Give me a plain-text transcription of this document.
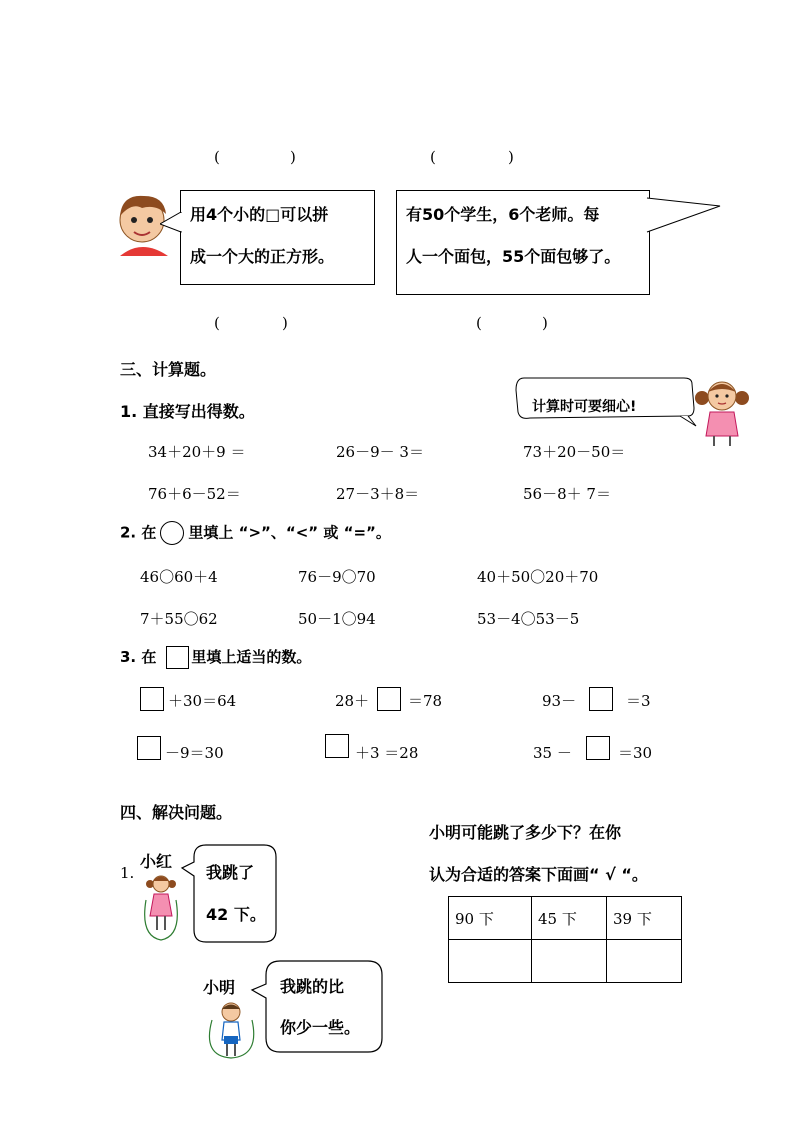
(	)	(	)
用4个小的□可以拼
成一个大的正方形。
有50个学生，6个老师。每
人一个面包，55个面包够了。
(	)	(	)
三、计算题。
1. 直接写出得数。	计算时可要细心!
34＋20＋9 ＝	26－9－ 3＝	73＋20－50＝
76＋6－52＝	27－3＋8＝	56－8＋ 7＝
2. 在 里填上 “>”、“<” 或 “=”。
46〇60＋4	76－9〇70	40＋50〇20＋70
7＋55〇62	50－1〇94	53－4〇53－5
3. 在 里填上适当的数。
＋30＝64	28＋	＝78	93－	＝3
－9＝30	＋3 ＝28	35 －	＝30
四、解决问题。
小明可能跳了多少下？在你
认为合适的答案下面画“ √ “。
1.
小红
我跳了
42 下。
小明	我跳的比
你少一些。
90 下	45 下	39 下
